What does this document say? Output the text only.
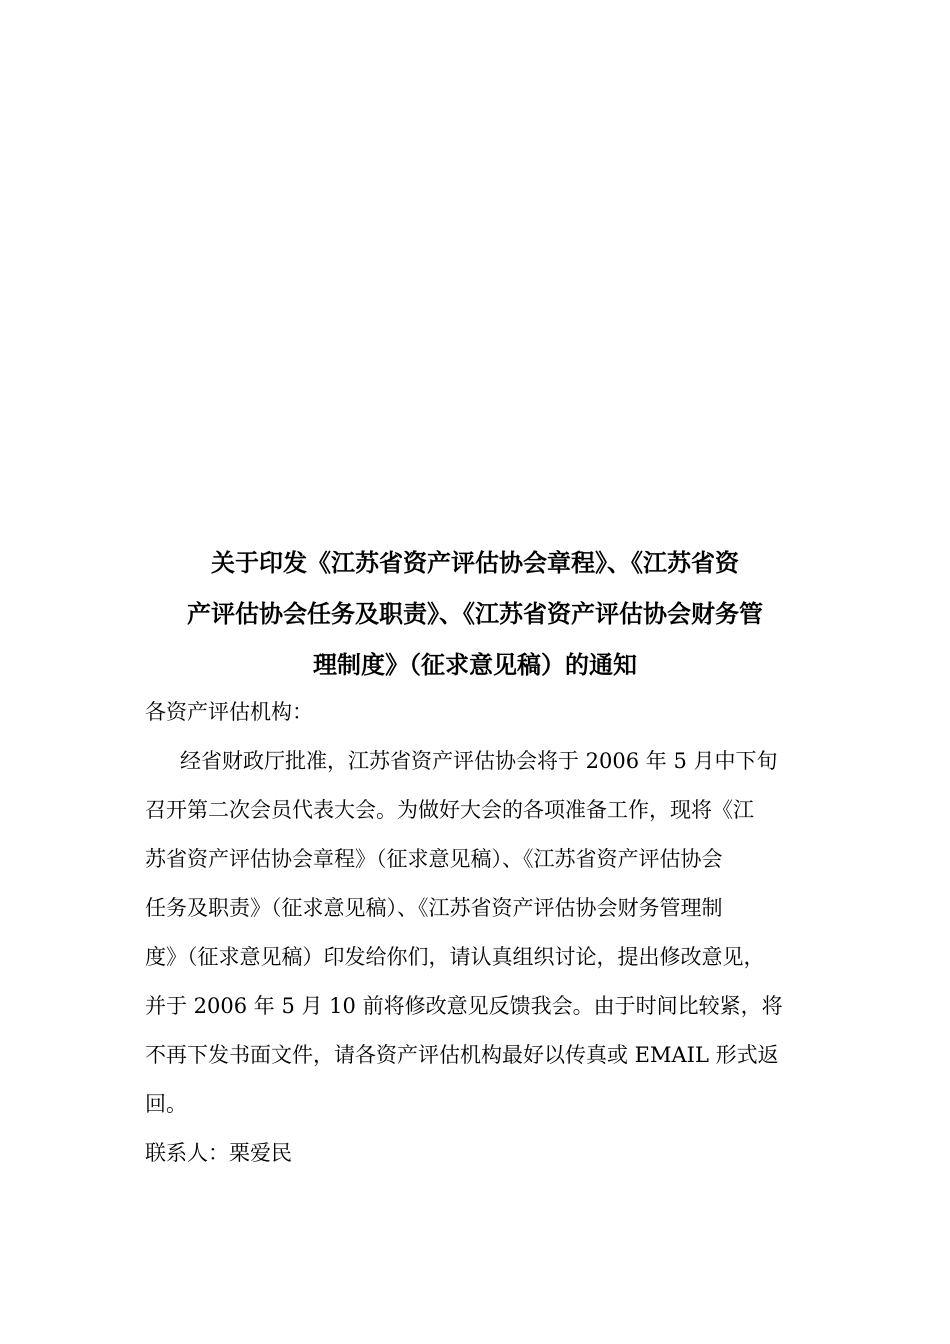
关于印发《江苏省资产评估协会章程》、《江苏省资
产评估协会任务及职责》、《江苏省资产评估协会财务管
理制度》（征求意见稿）的通知

各资产评估机构：

经省财政厅批准，江苏省资产评估协会将于 2006 年 5 月中下旬
召开第二次会员代表大会。为做好大会的各项准备工作，现将《江
苏省资产评估协会章程》（征求意见稿）、《江苏省资产评估协会
任务及职责》（征求意见稿）、《江苏省资产评估协会财务管理制
度》（征求意见稿）印发给你们，请认真组织讨论，提出修改意见，
并于 2006 年 5 月 10 前将修改意见反馈我会。由于时间比较紧，将
不再下发书面文件，请各资产评估机构最好以传真或 EMAIL 形式返
回。

联系人：栗爱民
